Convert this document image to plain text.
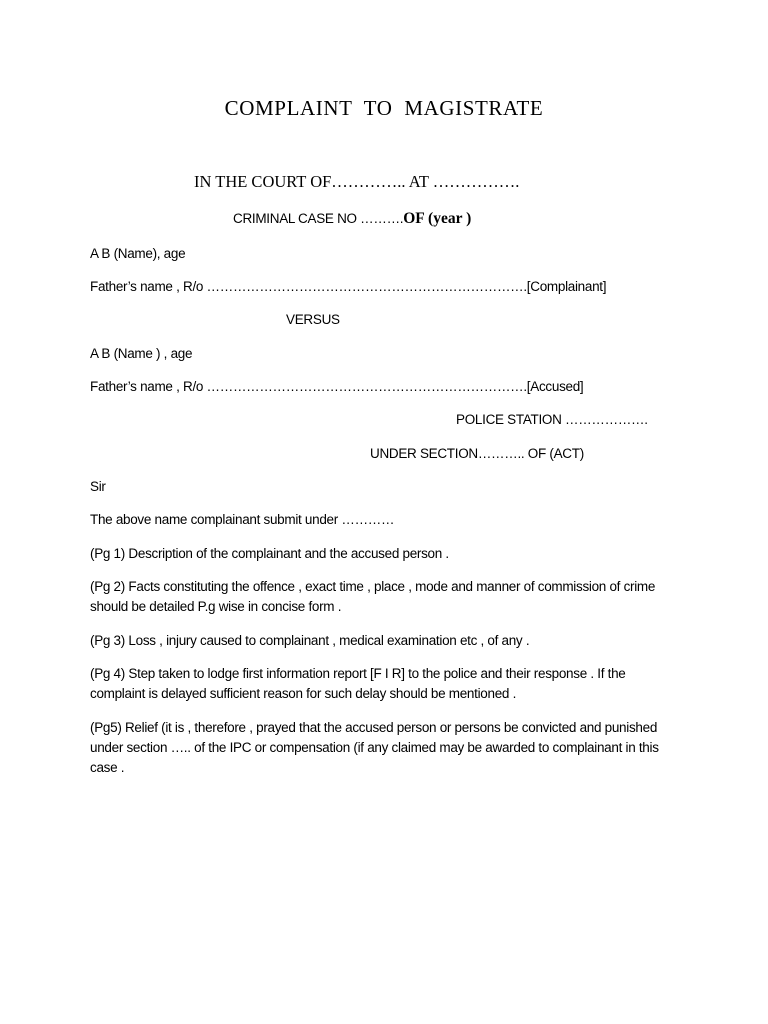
COMPLAINT TO MAGISTRATE
IN THE COURT OF………….. AT …………….
CRIMINAL CASE NO ……….OF (year )
A B (Name), age
Father’s name , R/o ……………………………………………………………….[Complainant]
VERSUS
A B (Name ) , age
Father’s name , R/o ……………………………………………………………….[Accused]
POLICE STATION ……………….
UNDER SECTION……….. OF (ACT)
Sir
The above name complainant submit under …………
(Pg 1) Description of the complainant and the accused person .
(Pg 2) Facts constituting the offence , exact time , place , mode and manner of commission of crime should be detailed P.g wise in concise form .
(Pg 3) Loss , injury caused to complainant , medical examination etc , of any .
(Pg 4) Step taken to lodge first information report [F I R] to the police and their response . If the complaint is delayed sufficient reason for such delay should be mentioned .
(Pg5) Relief (it is , therefore , prayed that the accused person or persons be convicted and punished under section ….. of the IPC or compensation (if any claimed may be awarded to complainant in this case .
